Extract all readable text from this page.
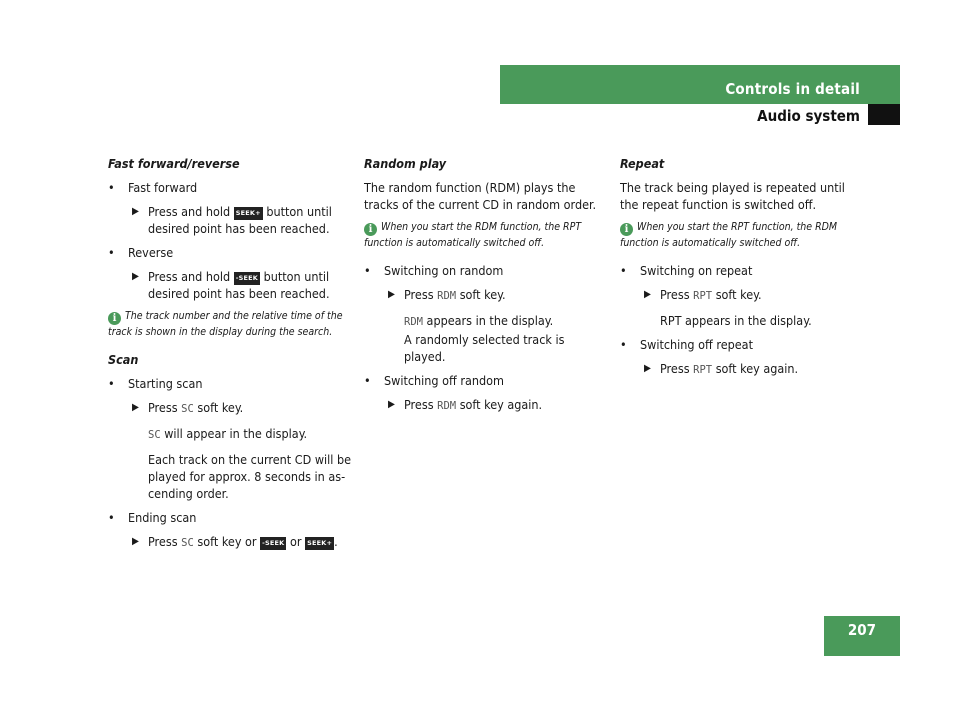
Controls in detail
Audio system
Fast forward/reverse
• Fast forward
▶ Press and hold SEEK+ button until desired point has been reached.
• Reverse
▶ Press and hold -SEEK button until desired point has been reached.
i The track number and the relative time of the track is shown in the display during the search.
Scan
• Starting scan
▶ Press SC soft key.
SC will appear in the display.
Each track on the current CD will be played for approx. 8 seconds in as-cending order.
• Ending scan
▶ Press SC soft key or -SEEK or SEEK+ .
Random play

The random function (RDM) plays the tracks of the current CD in random order.

i When you start the RDM function, the RPT function is automatically switched off.
• Switching on random
▶ Press RDM soft key.
RDM appears in the display.
A randomly selected track is played.
• Switching off random
▶ Press RDM soft key again.
Repeat

The track being played is repeated until the repeat function is switched off.

i When you start the RPT function, the RDM function is automatically switched off.
• Switching on repeat
▶ Press RPT soft key.
RPT appears in the display.
• Switching off repeat
▶ Press RPT soft key again.
207
